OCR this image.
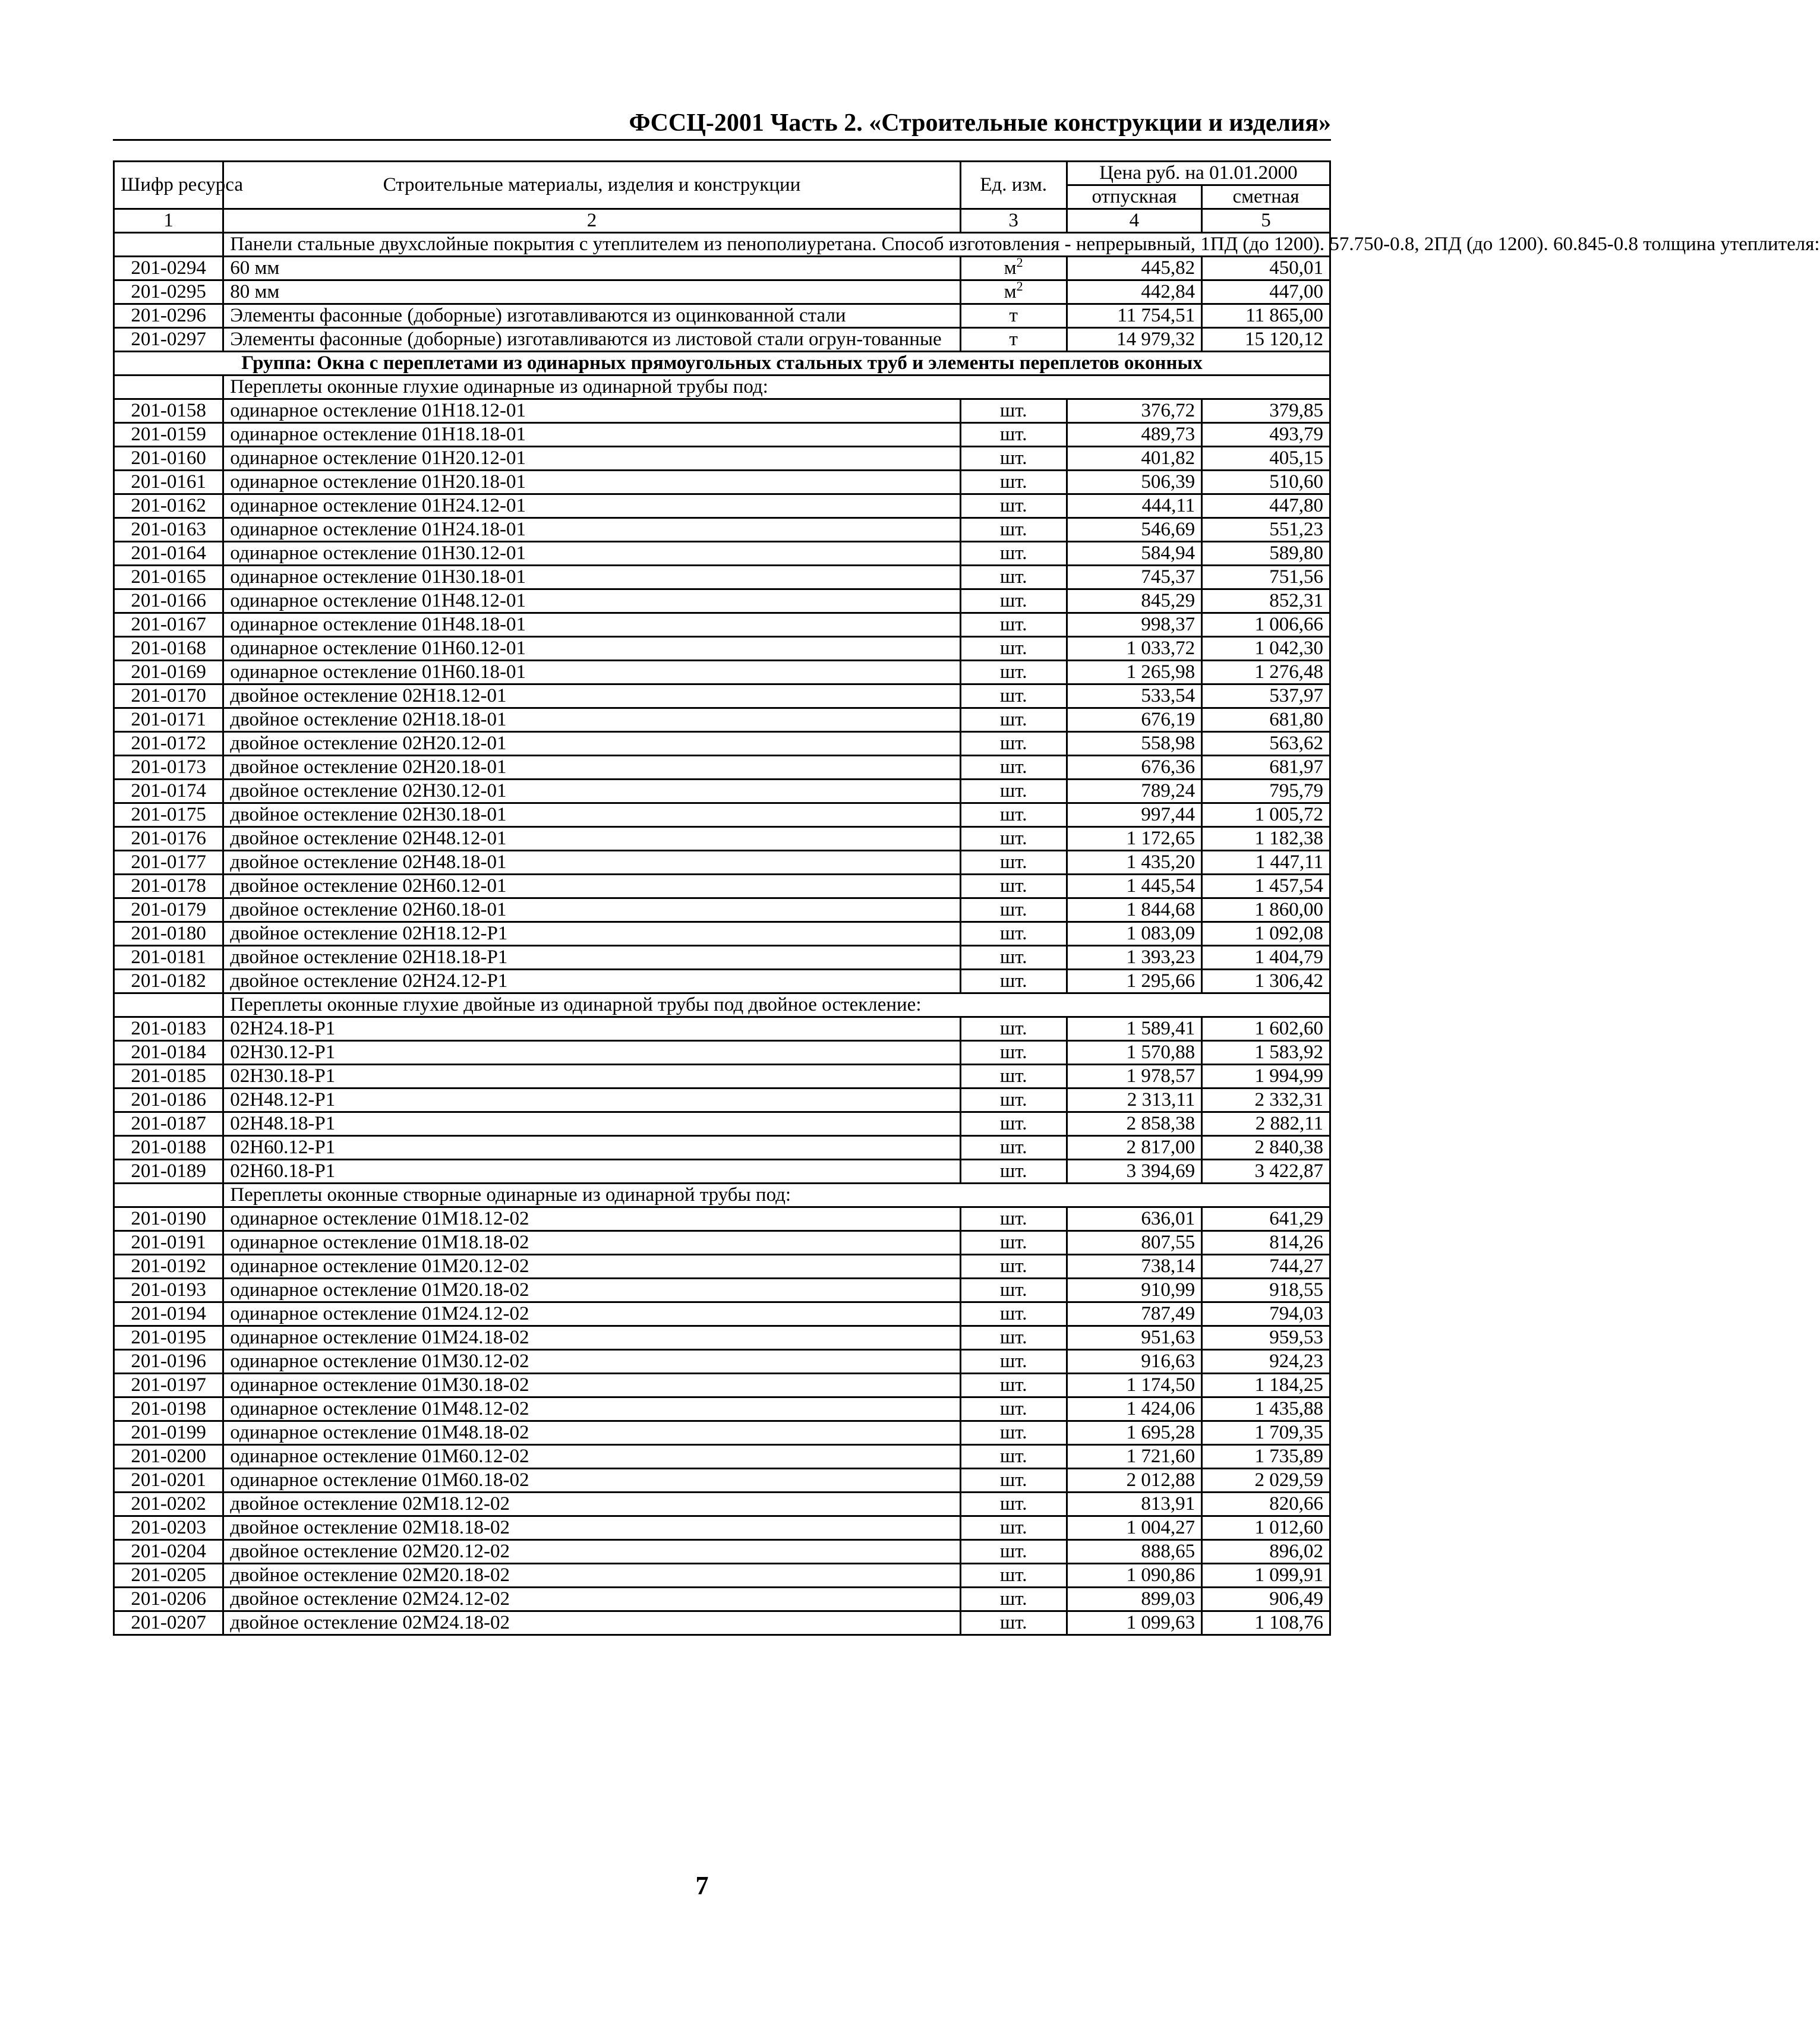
ФССЦ-2001 Часть 2. «Строительные конструкции и изделия»
Шифр ресурса	Строительные материалы, изделия и конструкции	Ед. изм.	Цена руб. на 01.01.2000	
			отпускная	сметная
1	2	3	4	5
	Панели стальные двухслойные покрытия с утеплителем из пенополиуретана. Способ изготовления - непрерывный, 1ПД (до 1200). 57.750-0.8, 2ПД (до 1200). 60.845-0.8 толщина утеплителя:			
201-0294	60 мм	$м^2$	445,82	450,01
201-0295	80 мм	$м^2$	442,84	447,00
201-0296	Элементы фасонные (доборные) изготавливаются из оцинкованной стали	т	11 754,51	11 865,00
201-0297	Элементы фасонные (доборные) изготавливаются из листовой стали огрун-тованные	т	14 979,32	15 120,12
Группа: Окна с переплетами из одинарных прямоугольных стальных труб и элементы переплетов оконных				
	Переплеты оконные глухие одинарные из одинарной трубы под:			
201-0158	одинарное остекление 01Н18.12-01	шт.	376,72	379,85
201-0159	одинарное остекление 01Н18.18-01	шт.	489,73	493,79
201-0160	одинарное остекление 01Н20.12-01	шт.	401,82	405,15
201-0161	одинарное остекление 01Н20.18-01	шт.	506,39	510,60
201-0162	одинарное остекление 01Н24.12-01	шт.	444,11	447,80
201-0163	одинарное остекление 01Н24.18-01	шт.	546,69	551,23
201-0164	одинарное остекление 01Н30.12-01	шт.	584,94	589,80
201-0165	одинарное остекление 01Н30.18-01	шт.	745,37	751,56
201-0166	одинарное остекление 01Н48.12-01	шт.	845,29	852,31
201-0167	одинарное остекление 01Н48.18-01	шт.	998,37	1 006,66
201-0168	одинарное остекление 01Н60.12-01	шт.	1 033,72	1 042,30
201-0169	одинарное остекление 01Н60.18-01	шт.	1 265,98	1 276,48
201-0170	двойное остекление 02Н18.12-01	шт.	533,54	537,97
201-0171	двойное остекление 02Н18.18-01	шт.	676,19	681,80
201-0172	двойное остекление 02Н20.12-01	шт.	558,98	563,62
201-0173	двойное остекление 02Н20.18-01	шт.	676,36	681,97
201-0174	двойное остекление 02Н30.12-01	шт.	789,24	795,79
201-0175	двойное остекление 02Н30.18-01	шт.	997,44	1 005,72
201-0176	двойное остекление 02Н48.12-01	шт.	1 172,65	1 182,38
201-0177	двойное остекление 02Н48.18-01	шт.	1 435,20	1 447,11
201-0178	двойное остекление 02Н60.12-01	шт.	1 445,54	1 457,54
201-0179	двойное остекление 02Н60.18-01	шт.	1 844,68	1 860,00
201-0180	двойное остекление 02Н18.12-Р1	шт.	1 083,09	1 092,08
201-0181	двойное остекление 02Н18.18-Р1	шт.	1 393,23	1 404,79
201-0182	двойное остекление 02Н24.12-Р1	шт.	1 295,66	1 306,42
	Переплеты оконные глухие двойные из одинарной трубы под двойное остекление:			
201-0183	02Н24.18-Р1	шт.	1 589,41	1 602,60
201-0184	02Н30.12-Р1	шт.	1 570,88	1 583,92
201-0185	02Н30.18-Р1	шт.	1 978,57	1 994,99
201-0186	02Н48.12-Р1	шт.	2 313,11	2 332,31
201-0187	02Н48.18-Р1	шт.	2 858,38	2 882,11
201-0188	02Н60.12-Р1	шт.	2 817,00	2 840,38
201-0189	02Н60.18-Р1	шт.	3 394,69	3 422,87
	Переплеты оконные створные одинарные из одинарной трубы под:			
201-0190	одинарное остекление 01М18.12-02	шт.	636,01	641,29
201-0191	одинарное остекление 01М18.18-02	шт.	807,55	814,26
201-0192	одинарное остекление 01М20.12-02	шт.	738,14	744,27
201-0193	одинарное остекление 01М20.18-02	шт.	910,99	918,55
201-0194	одинарное остекление 01М24.12-02	шт.	787,49	794,03
201-0195	одинарное остекление 01М24.18-02	шт.	951,63	959,53
201-0196	одинарное остекление 01М30.12-02	шт.	916,63	924,23
201-0197	одинарное остекление 01М30.18-02	шт.	1 174,50	1 184,25
201-0198	одинарное остекление 01М48.12-02	шт.	1 424,06	1 435,88
201-0199	одинарное остекление 01М48.18-02	шт.	1 695,28	1 709,35
201-0200	одинарное остекление 01М60.12-02	шт.	1 721,60	1 735,89
201-0201	одинарное остекление 01М60.18-02	шт.	2 012,88	2 029,59
201-0202	двойное остекление 02М18.12-02	шт.	813,91	820,66
201-0203	двойное остекление 02М18.18-02	шт.	1 004,27	1 012,60
201-0204	двойное остекление 02М20.12-02	шт.	888,65	896,02
201-0205	двойное остекление 02М20.18-02	шт.	1 090,86	1 099,91
201-0206	двойное остекление 02М24.12-02	шт.	899,03	906,49
201-0207	двойное остекление 02М24.18-02	шт.	1 099,63	1 108,76
7
